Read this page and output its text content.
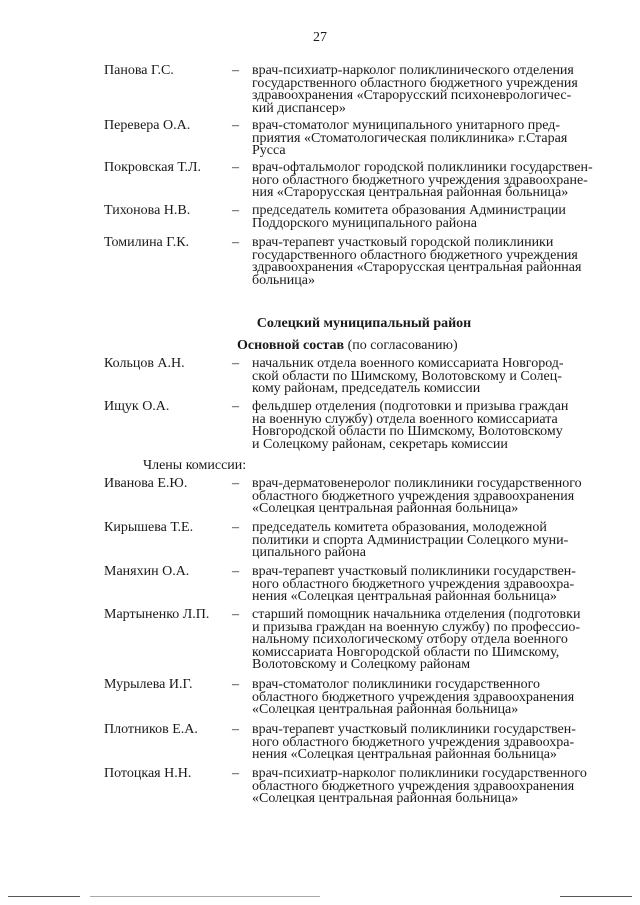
27
Панова Г.С.	– врач-психиатр-нарколог поликлинического отделения
государственного областного бюджетного учреждения
здравоохранения «Старорусский психоневрологичес-
кий диспансер»
Перевера О.А.	– врач-стоматолог муниципального унитарного пред-
приятия «Стоматологическая поликлиника» г.Старая
Русса
Покровская Т.Л. – врач-офтальмолог городской поликлиники государствен-
ного областного бюджетного учреждения здравоохране-
ния «Старорусская центральная районная больница»
Тихонова Н.В.	– председатель комитета образования Администрации
Поддорского муниципального района
Томилина Г.К.	– врач-терапевт участковый городской поликлиники
государственного областного бюджетного учреждения
здравоохранения «Старорусская центральная районная
больница»
Солецкий муниципальный район
Основной состав (по согласованию)
Кольцов А.Н.	– начальник отдела военного комиссариата Новгород-
ской области по Шимскому, Волотовскому и Солец-
кому районам, председатель комиссии
Ищук О.А.	– фельдшер отделения (подготовки и призыва граждан
на военную службу) отдела военного комиссариата
Новгородской области по Шимскому, Волотовскому
и Солецкому районам, секретарь комиссии
Члены комиссии:
Иванова Е.Ю.	– врач-дерматовенеролог поликлиники государственного
областного бюджетного учреждения здравоохранения
«Солецкая центральная районная больница»
Кирышева Т.Е.	– председатель комитета образования, молодежной
политики и спорта Администрации Солецкого муни-
ципального района
Маняхин О.А.	– врач-терапевт участковый поликлиники государствен-
ного областного бюджетного учреждения здравоохра-
нения «Солецкая центральная районная больница»
Мартыненко Л.П. – старший помощник начальника отделения (подготовки
и призыва граждан на военную службу) по профессио-
нальному психологическому отбору отдела военного
комиссариата Новгородской области по Шимскому,
Волотовскому и Солецкому районам
Мурылева И.Г.	– врач-стоматолог поликлиники государственного
областного бюджетного учреждения здравоохранения
«Солецкая центральная районная больница»
Плотников Е.А. – врач-терапевт участковый поликлиники государствен-
ного областного бюджетного учреждения здравоохра-
нения «Солецкая центральная районная больница»
Потоцкая Н.Н.	– врач-психиатр-нарколог поликлиники государственного
областного бюджетного учреждения здравоохранения
«Солецкая центральная районная больница»
